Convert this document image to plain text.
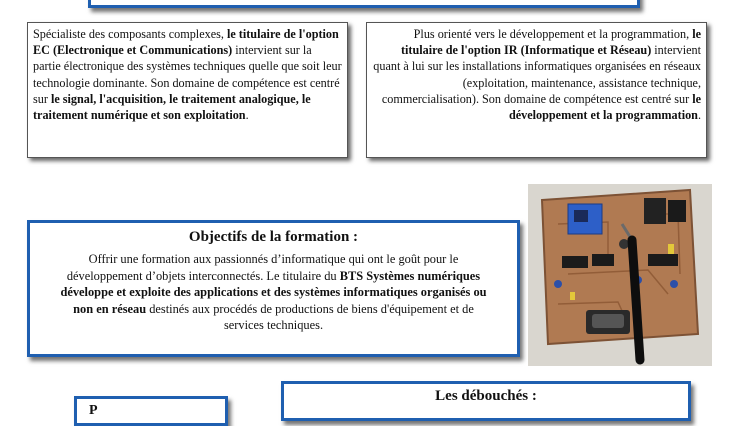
Spécialiste des composants complexes, le titulaire de l'option EC (Electronique et Communications) intervient sur la partie électronique des systèmes techniques quelle que soit leur technologie dominante. Son domaine de compétence est centré sur le signal, l'acquisition, le traitement analogique, le traitement numérique et son exploitation.

Plus orienté vers le développement et la programmation, le titulaire de l'option IR (Informatique et Réseau) intervient quant à lui sur les installations informatiques organisées en réseaux (exploitation, maintenance, assistance technique, commercialisation). Son domaine de compétence est centré sur le développement et la programmation.

Objectifs de la formation :

Offrir une formation aux passionnés d’informatique qui ont le goût pour le développement d’objets interconnectés. Le titulaire du BTS Systèmes numériques développe et exploite des applications et des systèmes informatiques organisés ou non en réseau destinés aux procédés de productions de biens d'équipement et de services techniques.

P
Les débouchés :
